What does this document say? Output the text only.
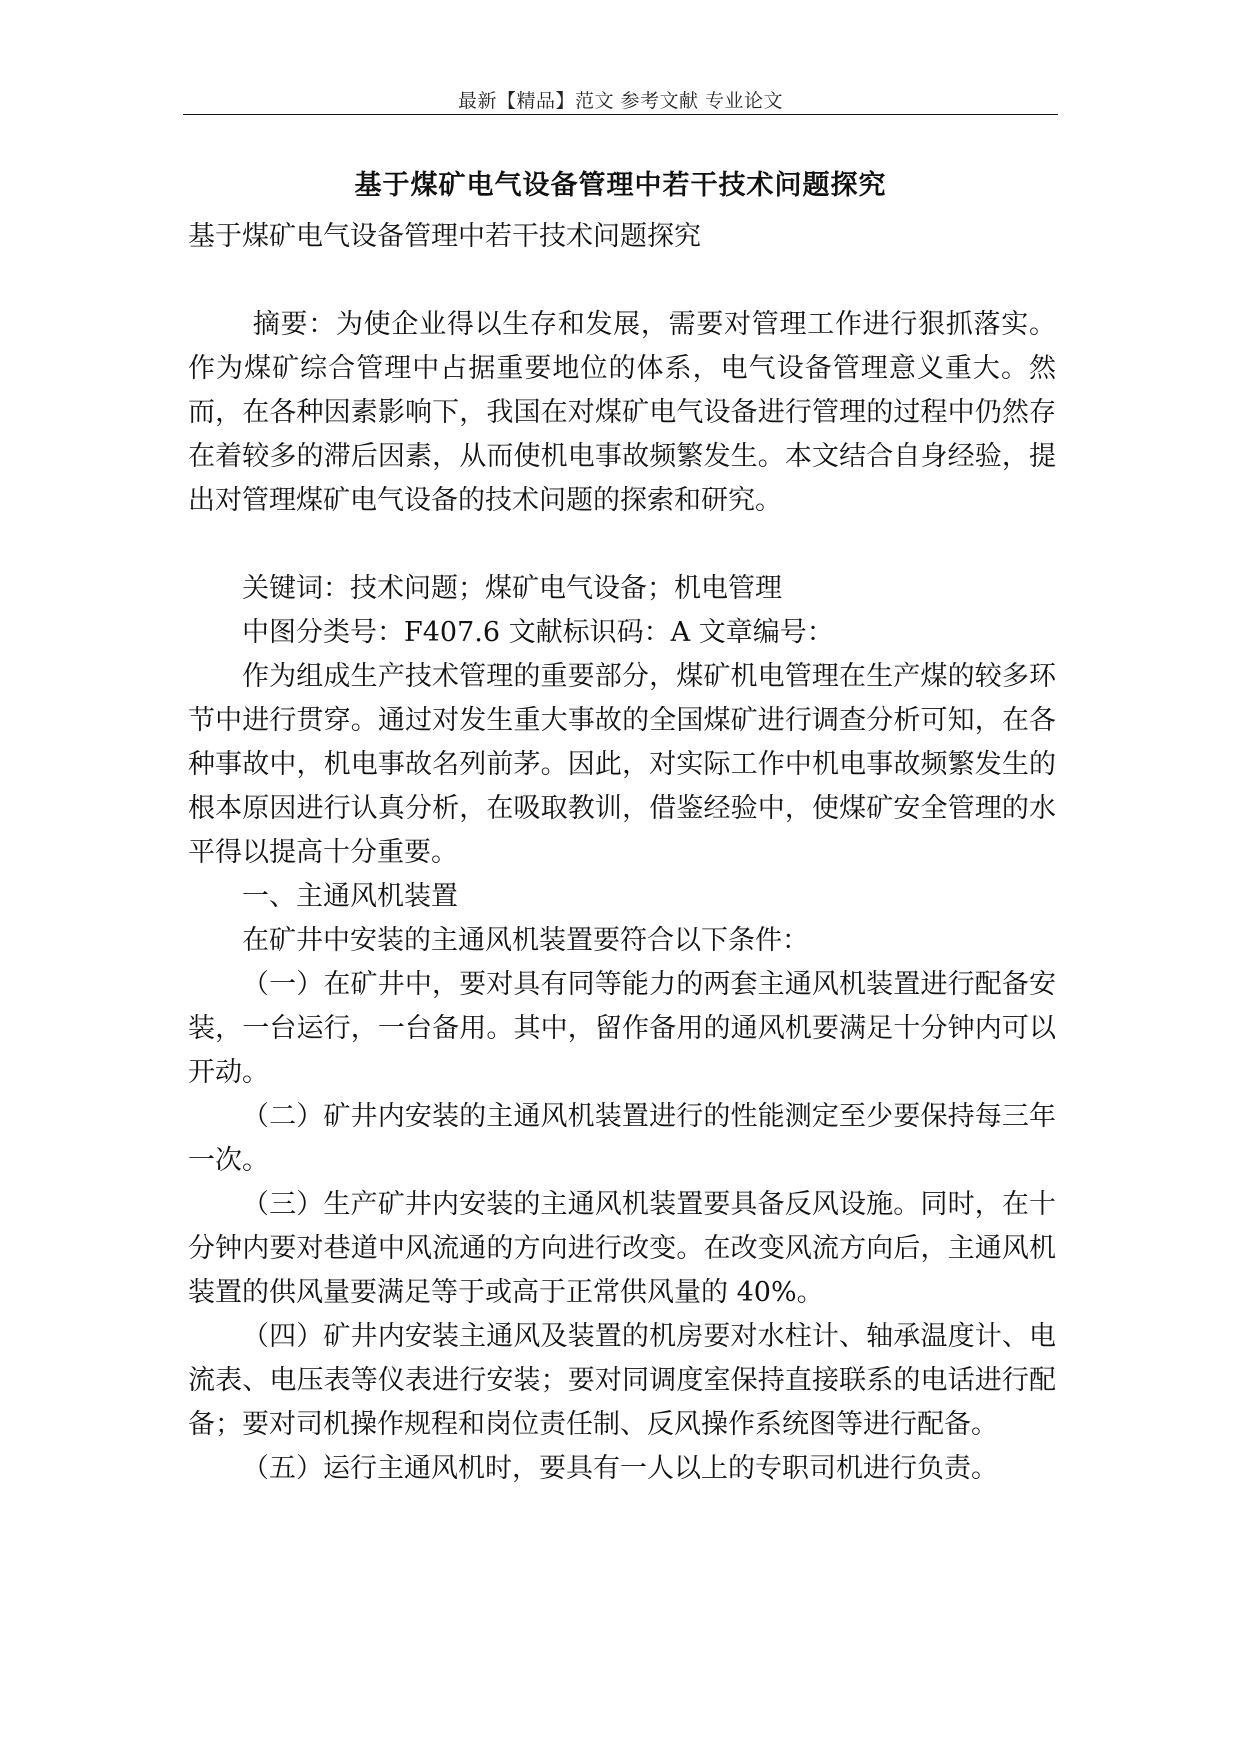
最新【精品】范文 参考文献 专业论文
基于煤矿电气设备管理中若干技术问题探究

基于煤矿电气设备管理中若干技术问题探究

摘要：为使企业得以生存和发展，需要对管理工作进行狠抓落实。作为煤矿综合管理中占据重要地位的体系，电气设备管理意义重大。然而，在各种因素影响下，我国在对煤矿电气设备进行管理的过程中仍然存在着较多的滞后因素，从而使机电事故频繁发生。本文结合自身经验，提出对管理煤矿电气设备的技术问题的探索和研究。

关键词：技术问题；煤矿电气设备；机电管理

中图分类号：F407.6 文献标识码：A 文章编号：

作为组成生产技术管理的重要部分，煤矿机电管理在生产煤的较多环节中进行贯穿。通过对发生重大事故的全国煤矿进行调查分析可知，在各种事故中，机电事故名列前茅。因此，对实际工作中机电事故频繁发生的根本原因进行认真分析，在吸取教训，借鉴经验中，使煤矿安全管理的水平得以提高十分重要。

一、主通风机装置

在矿井中安装的主通风机装置要符合以下条件：

（一）在矿井中，要对具有同等能力的两套主通风机装置进行配备安装，一台运行，一台备用。其中，留作备用的通风机要满足十分钟内可以开动。

（二）矿井内安装的主通风机装置进行的性能测定至少要保持每三年一次。

（三）生产矿井内安装的主通风机装置要具备反风设施。同时，在十分钟内要对巷道中风流通的方向进行改变。在改变风流方向后，主通风机装置的供风量要满足等于或高于正常供风量的 40%。

（四）矿井内安装主通风及装置的机房要对水柱计、轴承温度计、电流表、电压表等仪表进行安装；要对同调度室保持直接联系的电话进行配备；要对司机操作规程和岗位责任制、反风操作系统图等进行配备。

（五）运行主通风机时，要具有一人以上的专职司机进行负责。
